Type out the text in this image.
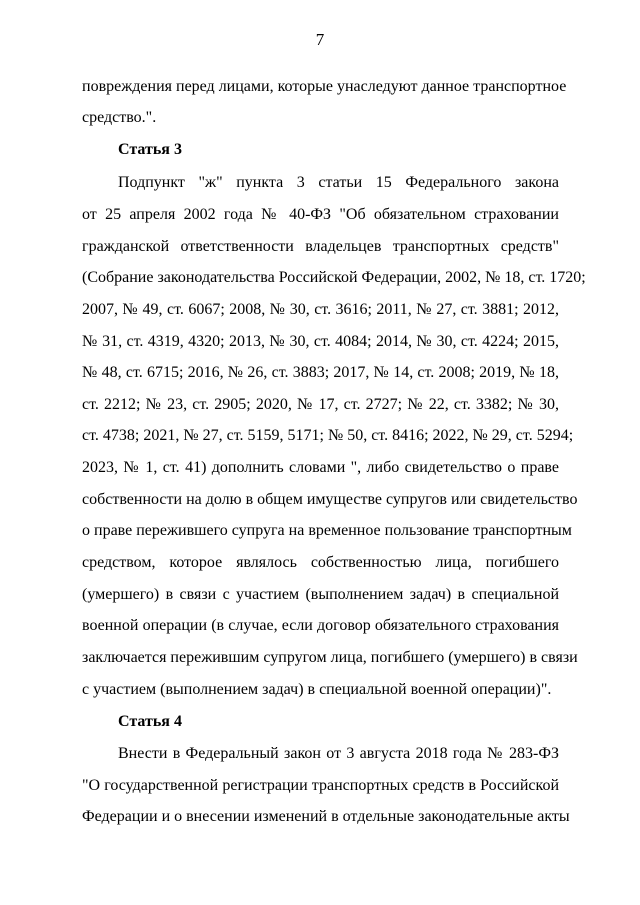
7
повреждения перед лицами, которые унаследуют данное транспортное
средство.".
Статья 3
Подпункт "ж" пункта 3 статьи 15 Федерального закона
от 25 апреля 2002 года № 40-ФЗ "Об обязательном страховании
гражданской ответственности владельцев транспортных средств"
(Собрание законодательства Российской Федерации, 2002, № 18, ст. 1720;
2007, № 49, ст. 6067; 2008, № 30, ст. 3616; 2011, № 27, ст. 3881; 2012,
№ 31, ст. 4319, 4320; 2013, № 30, ст. 4084; 2014, № 30, ст. 4224; 2015,
№ 48, ст. 6715; 2016, № 26, ст. 3883; 2017, № 14, ст. 2008; 2019, № 18,
ст. 2212; № 23, ст. 2905; 2020, № 17, ст. 2727; № 22, ст. 3382; № 30,
ст. 4738; 2021, № 27, ст. 5159, 5171; № 50, ст. 8416; 2022, № 29, ст. 5294;
2023, № 1, ст. 41) дополнить словами ", либо свидетельство о праве
собственности на долю в общем имуществе супругов или свидетельство
о праве пережившего супруга на временное пользование транспортным
средством, которое являлось собственностью лица, погибшего
(умершего) в связи с участием (выполнением задач) в специальной
военной операции (в случае, если договор обязательного страхования
заключается пережившим супругом лица, погибшего (умершего) в связи
с участием (выполнением задач) в специальной военной операции)".
Статья 4
Внести в Федеральный закон от 3 августа 2018 года № 283-ФЗ
"О государственной регистрации транспортных средств в Российской
Федерации и о внесении изменений в отдельные законодательные акты
